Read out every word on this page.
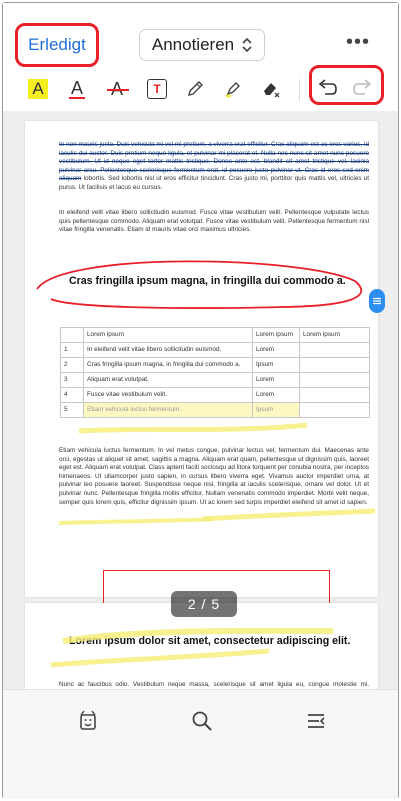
Erledigt	Annotieren	•••
A A	T
In non mauris justo. Duis vehicula mi vel mi pretium, a viverra erat efficitur. Cras aliquam est ac eros varius, id iaculis dui auctor. Duis pretium neque ligula, et pulvinar mi placerat et. Nulla nec nunc sit amet nunc posuere vestibulum. Ut id neque eget tortor mattis tristique. Donec ante est, blandit sit amet tristique vel, lacinia pulvinar arcu. Pellentesque scelerisque fermentum erat, id posuere justo pulvinar ut. Cras id eros sed enim aliquam lobortis. Sed lobortis nisl ut eros efficitur tincidunt. Cras justo mi, porttitor quis mattis vel, ultricies ut purus. Ut facilisis et lacus eu cursus.
In eleifend velit vitae libero sollicitudin euismod. Fusce vitae vestibulum velit. Pellentesque vulputate lectus quis pellentesque commodo. Aliquam erat volutpat. Fusce vitae vestibulum velit. Pellentesque fermentum nisl vitae fringilla venenatis. Etiam id mauris vitae orci maximus ultricies.
Cras fringilla ipsum magna, in fringilla dui commodo a.
	Lorem ipsum	Lorem ipsum	Lorem ipsum
1	In eleifend velit vitae libero sollicitudin euismod.	Lorem	
2	Cras fringilla ipsum magna, in fringilla dui commodo a.	Ipsum	
3	Aliquam erat volutpat.	Lorem	
4	Fusce vitae vestibulum velit.	Lorem	
5	Etiam vehicula luctus fermentum.	Ipsum	
Etiam vehicula luctus fermentum. In vel metus congue, pulvinar lectus vel, fermentum dui. Maecenas ante orci, egestas ut aliquet sit amet, sagittis a magna. Aliquam erat quam, pellentesque ut dignissim quis, laoreet eget est. Aliquam erat volutpat. Class aptent taciti sociosqu ad litora torquent per conubia nostra, per inceptos himenaeos. Ut ullamcorper justo sapien, in cursus libero viverra eget. Vivamus auctor imperdiet urna, at pulvinar leo posuere laoreet. Suspendisse neque nisl, fringilla at iaculis scelerisque, ornare vel dolor. Ut et pulvinar nunc. Pellentesque fringilla mollis efficitur. Nullam venenatis commodo imperdiet. Morbi velit neque, semper quis lorem quis, efficitur dignissim ipsum. Ut ac lorem sed turpis imperdiet eleifend sit amet id sapien.
Lorem ipsum dolor sit amet, consectetur adipiscing elit.
Nunc ac faucibus odio. Vestibulum neque massa, scelerisque sit amet ligula eu, congue molestie mi.
2 / 5
